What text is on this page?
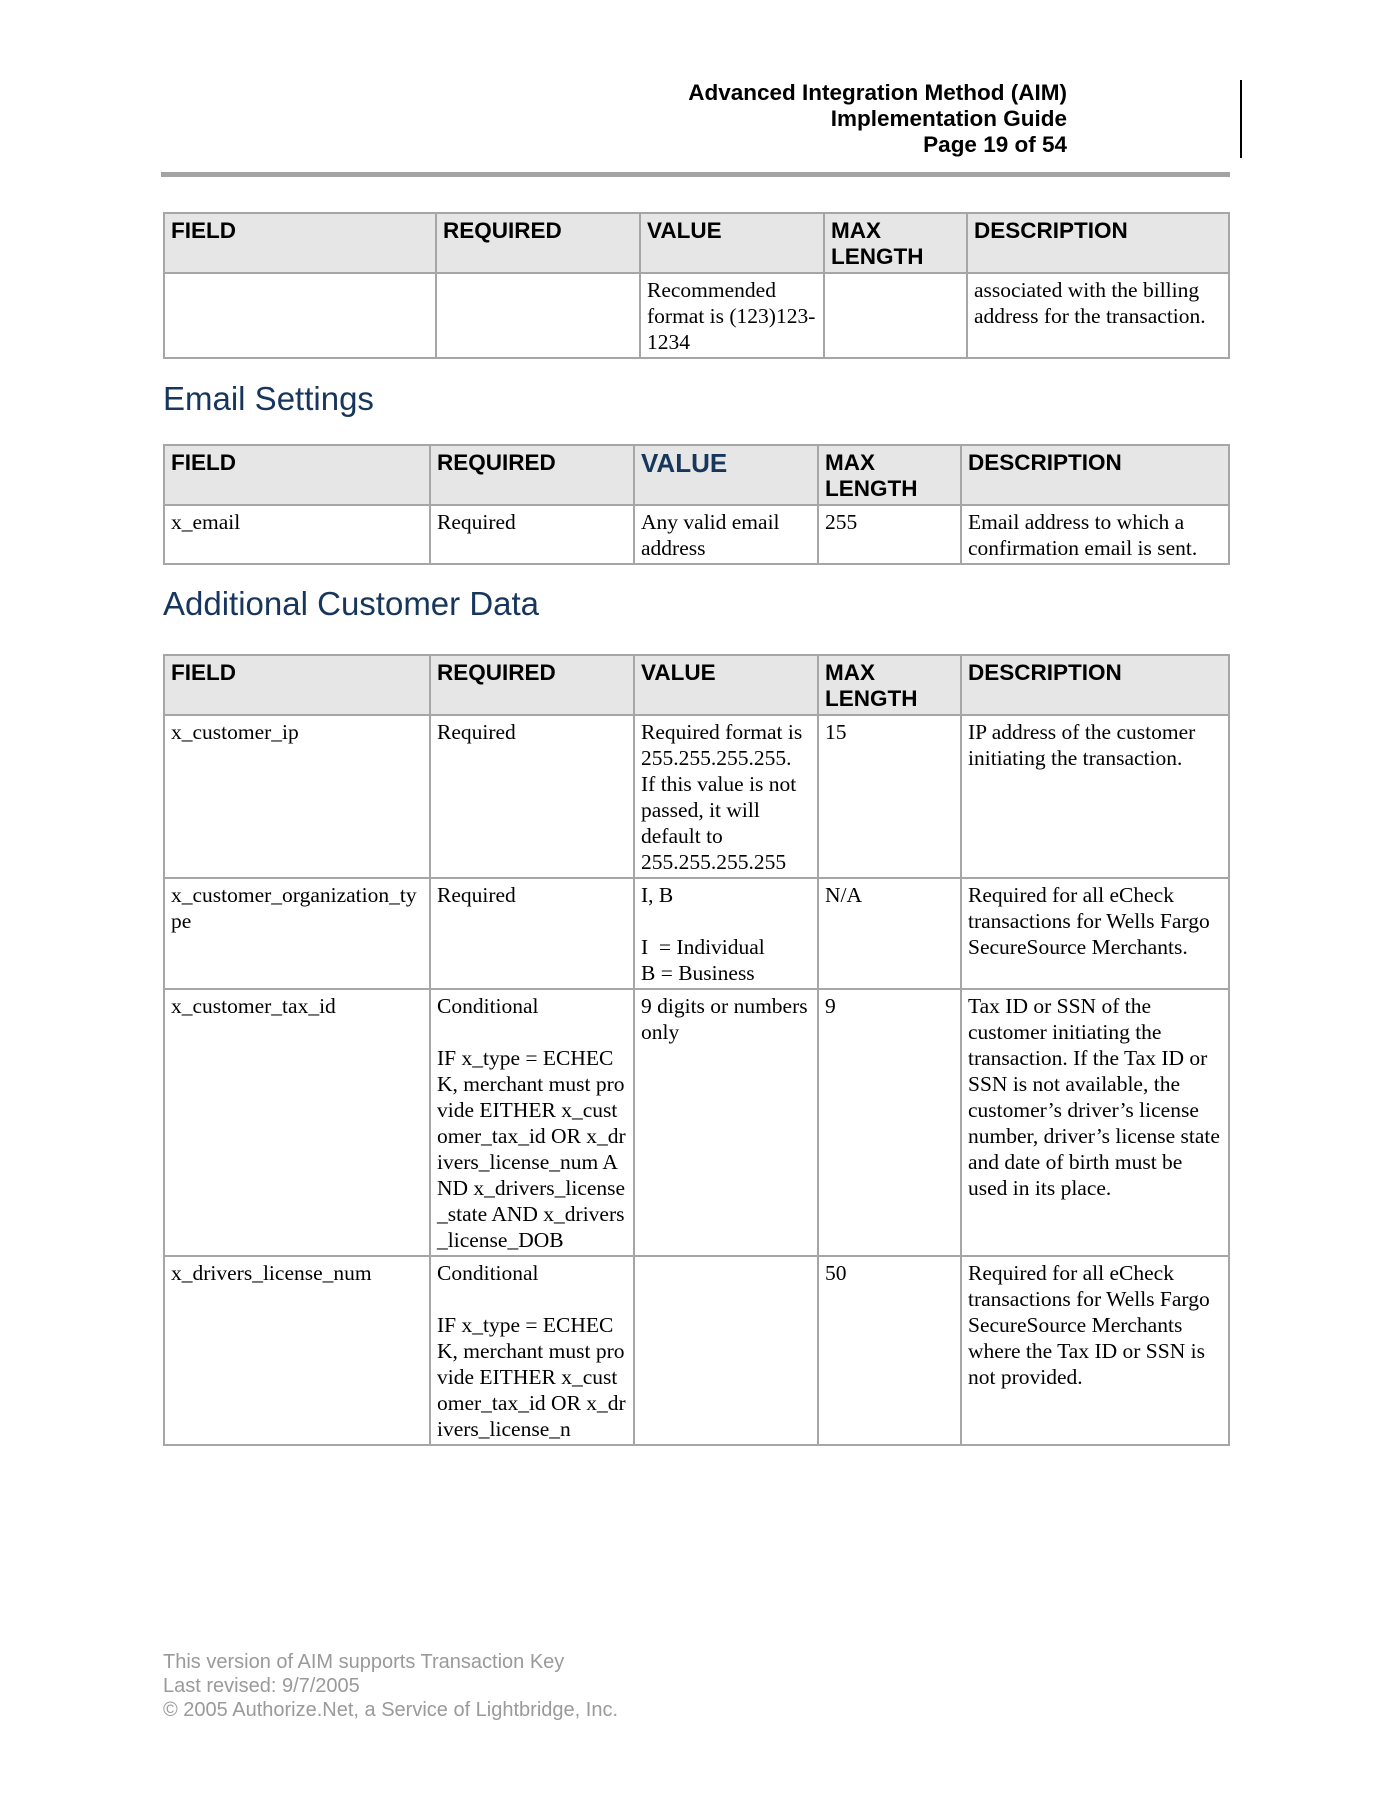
Advanced Integration Method (AIM)
Implementation Guide
Page 19 of 54
FIELD	REQUIRED	VALUE	MAX LENGTH	DESCRIPTION
		Recommended format is (123)123-1234		associated with the billing address for the transaction.
Email Settings
FIELD	REQUIRED	VALUE	MAX LENGTH	DESCRIPTION
x_email	Required	Any valid email address	255	Email address to which a confirmation email is sent.
Additional Customer Data
FIELD	REQUIRED	VALUE	MAX LENGTH	DESCRIPTION
x_customer_ip	Required	Required format is 255.255.255.255. If this value is not passed, it will default to 255.255.255.255	15	IP address of the customer initiating the transaction.
x_customer_organization_type	Required	I, B

I  = Individual
B = Business	N/A	Required for all eCheck transactions for Wells Fargo SecureSource Merchants.
x_customer_tax_id	Conditional

IF x_type = ECHECK, merchant must provide EITHER x_customer_tax_id OR x_drivers_license_num AND x_drivers_license_state AND x_drivers_license_DOB	9 digits or numbers only	9	Tax ID or SSN of the customer initiating the transaction. If the Tax ID or SSN is not available, the customer’s driver’s license number, driver’s license state and date of birth must be used in its place.
x_drivers_license_num	Conditional

IF x_type = ECHECK, merchant must provide EITHER x_customer_tax_id OR x_drivers_license_n		50	Required for all eCheck transactions for Wells Fargo SecureSource Merchants where the Tax ID or SSN is not provided.
This version of AIM supports Transaction Key
Last revised: 9/7/2005
© 2005 Authorize.Net, a Service of Lightbridge, Inc.
